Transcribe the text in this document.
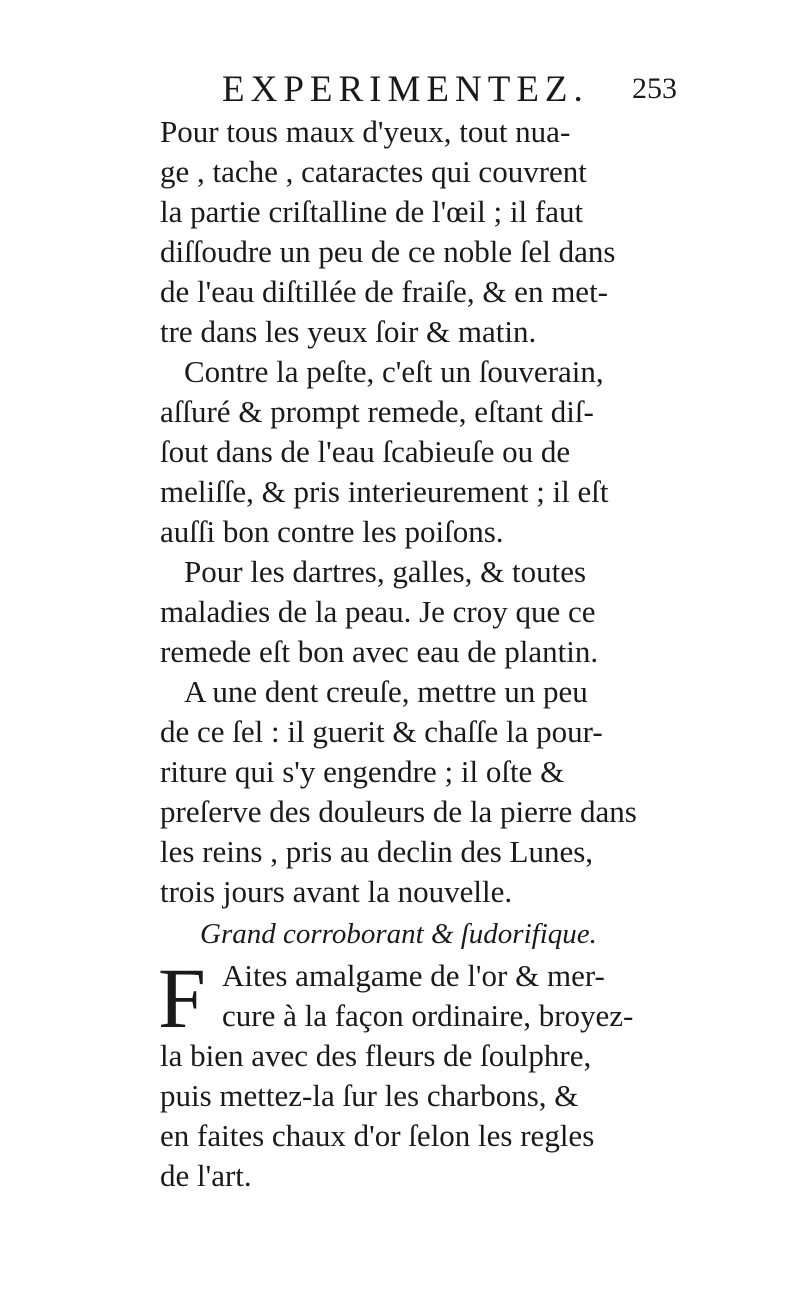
EXPERIMENTEZ. 253
Pour tous maux d'yeux, tout nua-
ge , tache , cataractes qui couvrent
la partie criſtalline de l'œil ; il faut
diſſoudre un peu de ce noble ſel dans
de l'eau diſtillée de fraiſe, & en met-
tre dans les yeux ſoir & matin.
Contre la peſte, c'eſt un ſouverain,
aſſuré & prompt remede, eſtant diſ-
ſout dans de l'eau ſcabieuſe ou de
meliſſe, & pris interieurement ; il eſt
auſſi bon contre les poiſons.
Pour les dartres, galles, & toutes
maladies de la peau. Je croy que ce
remede eſt bon avec eau de plantin.
A une dent creuſe, mettre un peu
de ce ſel : il guerit & chaſſe la pour-
riture qui s'y engendre ; il oſte &
preſerve des douleurs de la pierre dans
les reins , pris au declin des Lunes,
trois jours avant la nouvelle.
Grand corroborant & ſudorifique.
F Aites amalgame de l'or & mer-
cure à la façon ordinaire, broyez-
la bien avec des fleurs de ſoulphre,
puis mettez-la ſur les charbons, &
en faites chaux d'or ſelon les regles
de l'art.
